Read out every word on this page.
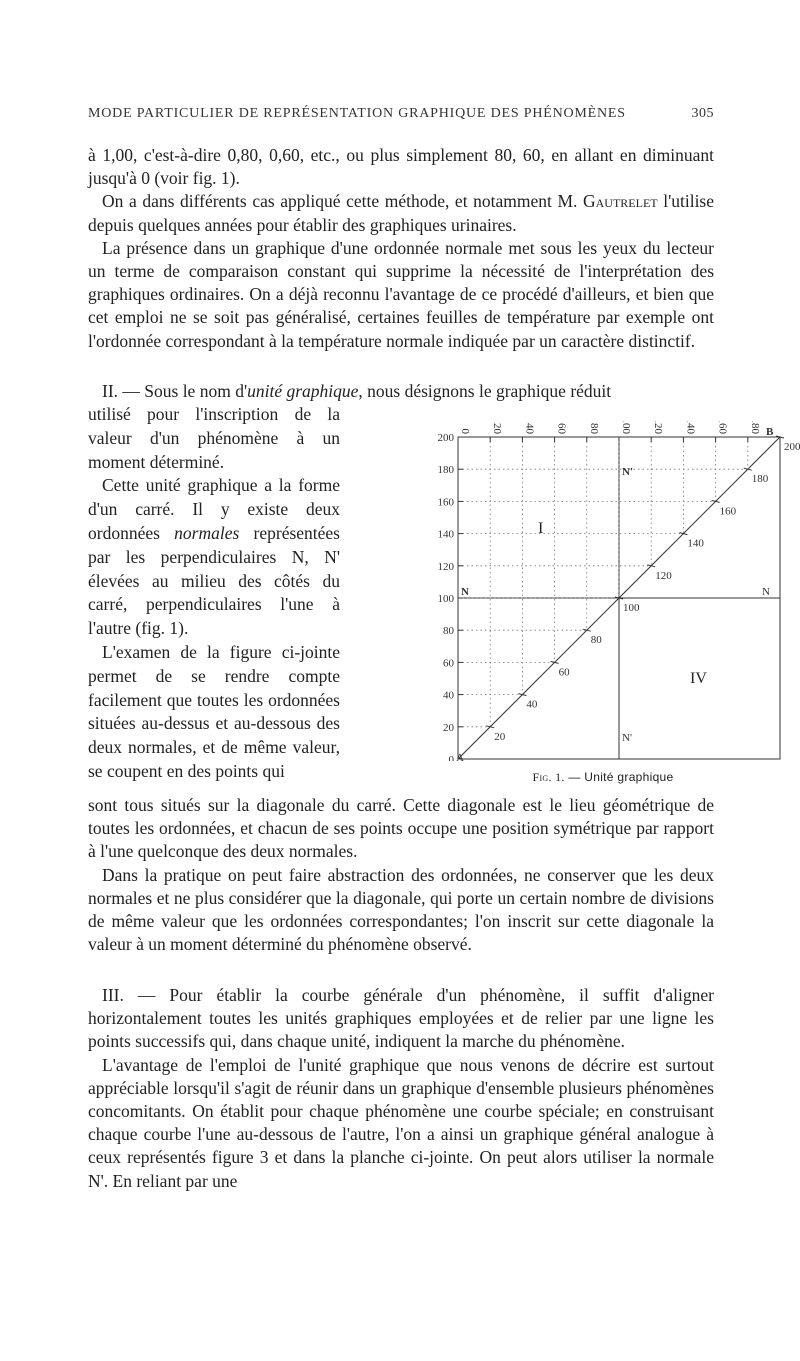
MODE PARTICULIER DE REPRÉSENTATION GRAPHIQUE DES PHÉNOMÈNES	305

à 1,00, c'est-à-dire 0,80, 0,60, etc., ou plus simplement 80, 60, en allant en diminuant jusqu'à 0 (voir fig. 1).

On a dans différents cas appliqué cette méthode, et notamment M. Gautrelet l'utilise depuis quelques années pour établir des graphiques urinaires.

La présence dans un graphique d'une ordonnée normale met sous les yeux du lecteur un terme de comparaison constant qui supprime la nécessité de l'interprétation des graphiques ordinaires. On a déjà reconnu l'avantage de ce procédé d'ailleurs, et bien que cet emploi ne se soit pas généralisé, certaines feuilles de température par exemple ont l'ordonnée correspondant à la température normale indiquée par un caractère distinctif.

II. — Sous le nom d'unité graphique, nous désignons le graphique réduit

utilisé pour l'inscription de la valeur d'un phénomène à un moment déterminé.

Cette unité graphique a la forme d'un carré. Il y existe deux ordonnées normales représentées par les perpendiculaires N, N' élevées au milieu des côtés du carré, perpendiculaires l'une à l'autre (fig. 1).

L'examen de la figure ci-jointe permet de se rendre compte facilement que toutes les ordonnées situées au-dessus et au-dessous des deux normales, et de même valeur, se coupent en des points qui

200
180
160
140
120
100
80
60
40
20
0
0 20 40 60 80 100 120 140 160 180
20
40
60
80
100
120
140
160
180
200
I
IV
N	N
N'
N'
B
A
Fig. 1. — Unité graphique

sont tous situés sur la diagonale du carré. Cette diagonale est le lieu géométrique de toutes les ordonnées, et chacun de ses points occupe une position symétrique par rapport à l'une quelconque des deux normales.

Dans la pratique on peut faire abstraction des ordonnées, ne conserver que les deux normales et ne plus considérer que la diagonale, qui porte un certain nombre de divisions de même valeur que les ordonnées correspondantes; l'on inscrit sur cette diagonale la valeur à un moment déterminé du phénomène observé.

III. — Pour établir la courbe générale d'un phénomène, il suffit d'aligner horizontalement toutes les unités graphiques employées et de relier par une ligne les points successifs qui, dans chaque unité, indiquent la marche du phénomène.

L'avantage de l'emploi de l'unité graphique que nous venons de décrire est surtout appréciable lorsqu'il s'agit de réunir dans un graphique d'ensemble plusieurs phénomènes concomitants. On établit pour chaque phénomène une courbe spéciale; en construisant chaque courbe l'une au-dessous de l'autre, l'on a ainsi un graphique général analogue à ceux représentés figure 3 et dans la planche ci-jointe. On peut alors utiliser la normale N'. En reliant par une
